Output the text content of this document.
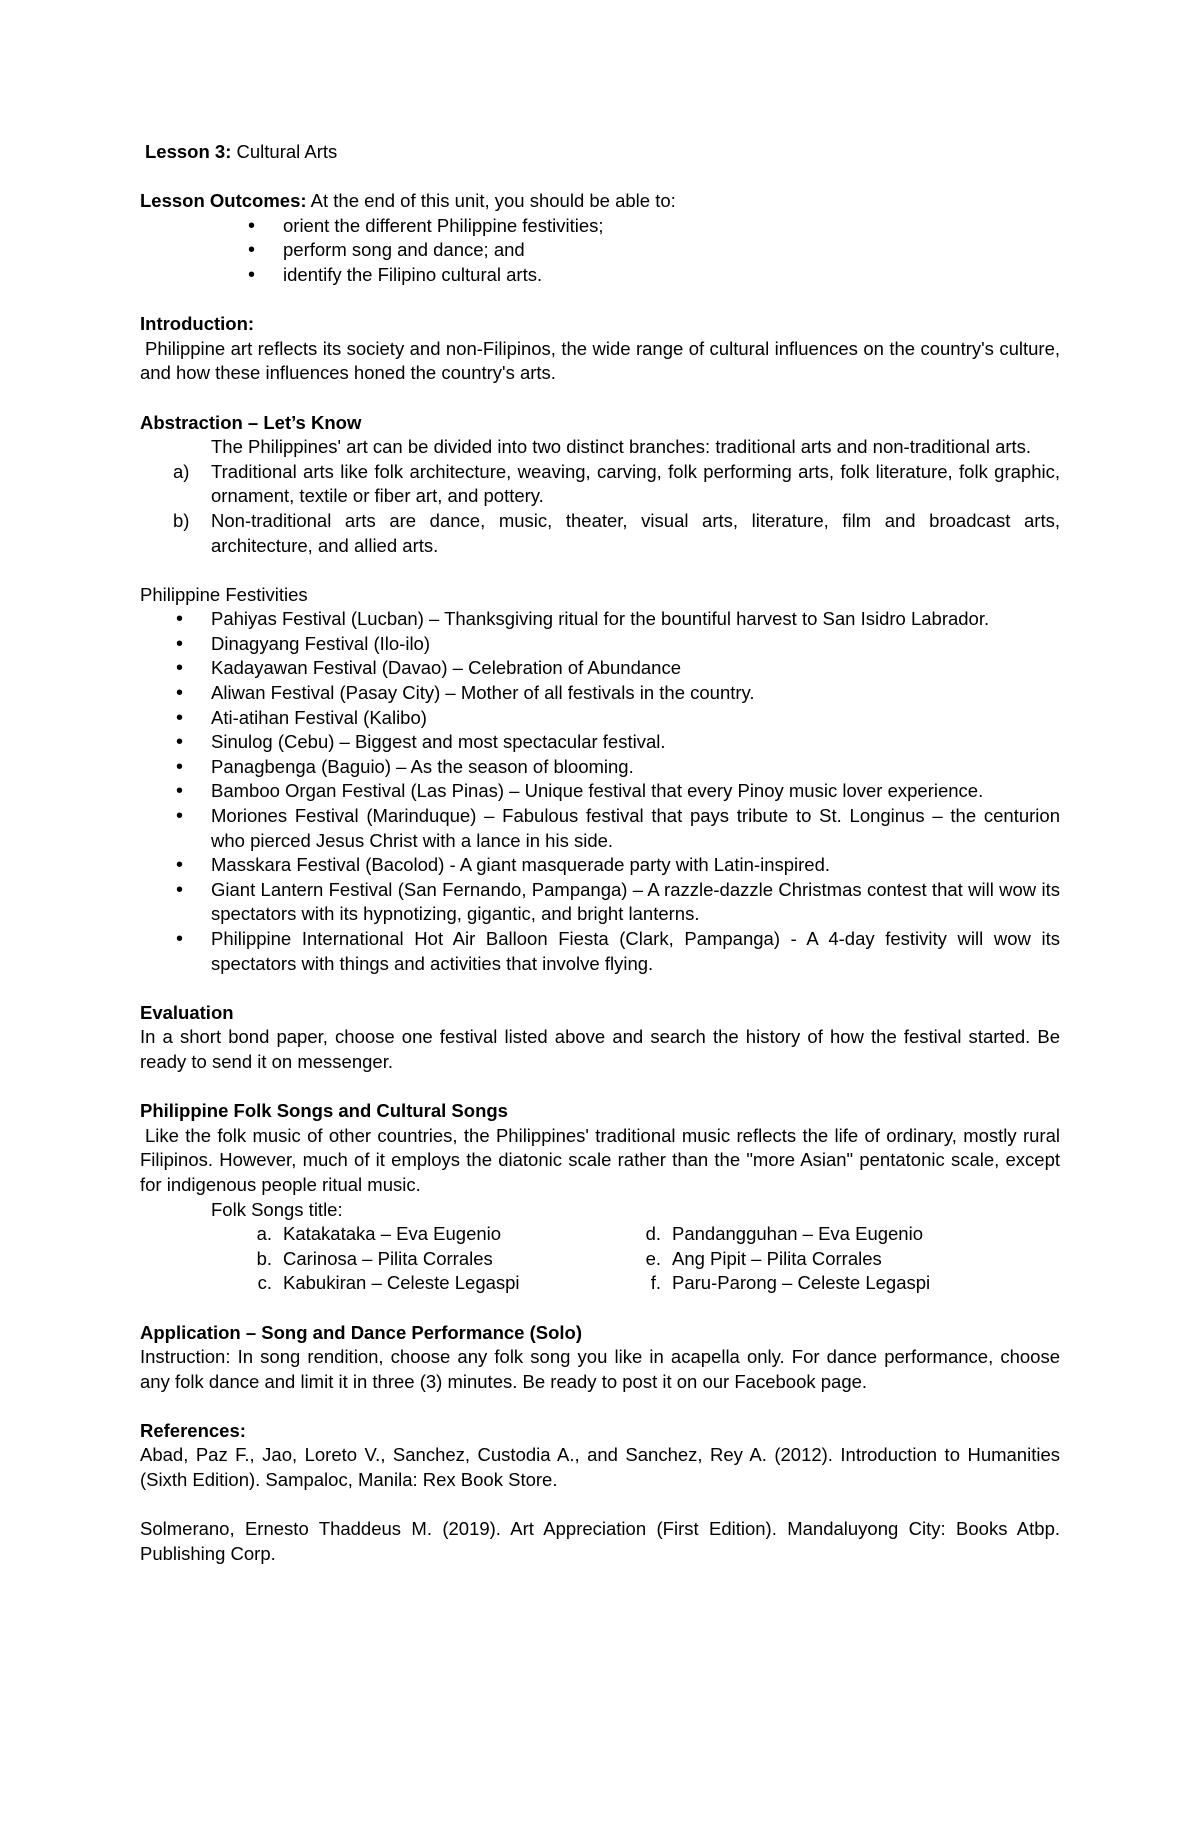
Lesson 3: Cultural Arts

Lesson Outcomes: At the end of this unit, you should be able to:

• orient the different Philippine festivities;
• perform song and dance; and
• identify the Filipino cultural arts.

Introduction:

Philippine art reflects its society and non-Filipinos, the wide range of cultural influences on the country's culture, and how these influences honed the country's arts.

Abstraction – Let’s Know

The Philippines' art can be divided into two distinct branches: traditional arts and non-traditional arts.

a) Traditional arts like folk architecture, weaving, carving, folk performing arts, folk literature, folk graphic, ornament, textile or fiber art, and pottery.
b) Non-traditional arts are dance, music, theater, visual arts, literature, film and broadcast arts, architecture, and allied arts.

Philippine Festivities

• Pahiyas Festival (Lucban) – Thanksgiving ritual for the bountiful harvest to San Isidro Labrador.
• Dinagyang Festival (Ilo-ilo)
• Kadayawan Festival (Davao) – Celebration of Abundance
• Aliwan Festival (Pasay City) – Mother of all festivals in the country.
• Ati-atihan Festival (Kalibo)
• Sinulog (Cebu) – Biggest and most spectacular festival.
• Panagbenga (Baguio) – As the season of blooming.
• Bamboo Organ Festival (Las Pinas) – Unique festival that every Pinoy music lover experience.
• Moriones Festival (Marinduque) – Fabulous festival that pays tribute to St. Longinus – the centurion who pierced Jesus Christ with a lance in his side.
• Masskara Festival (Bacolod) - A giant masquerade party with Latin-inspired.
• Giant Lantern Festival (San Fernando, Pampanga) – A razzle-dazzle Christmas contest that will wow its spectators with its hypnotizing, gigantic, and bright lanterns.
• Philippine International Hot Air Balloon Fiesta (Clark, Pampanga) - A 4-day festivity will wow its spectators with things and activities that involve flying.

Evaluation

In a short bond paper, choose one festival listed above and search the history of how the festival started. Be ready to send it on messenger.

Philippine Folk Songs and Cultural Songs

Like the folk music of other countries, the Philippines' traditional music reflects the life of ordinary, mostly rural Filipinos. However, much of it employs the diatonic scale rather than the "more Asian" pentatonic scale, except for indigenous people ritual music.

Folk Songs title:

a. Katakataka – Eva Eugenio
b. Carinosa – Pilita Corrales
c. Kabukiran – Celeste Legaspi
d. Pandangguhan – Eva Eugenio
e. Ang Pipit – Pilita Corrales
f. Paru-Parong – Celeste Legaspi

Application – Song and Dance Performance (Solo)

Instruction: In song rendition, choose any folk song you like in acapella only. For dance performance, choose any folk dance and limit it in three (3) minutes. Be ready to post it on our Facebook page.

References:

Abad, Paz F., Jao, Loreto V., Sanchez, Custodia A., and Sanchez, Rey A. (2012). Introduction to Humanities (Sixth Edition). Sampaloc, Manila: Rex Book Store.

Solmerano, Ernesto Thaddeus M. (2019). Art Appreciation (First Edition). Mandaluyong City: Books Atbp. Publishing Corp.
